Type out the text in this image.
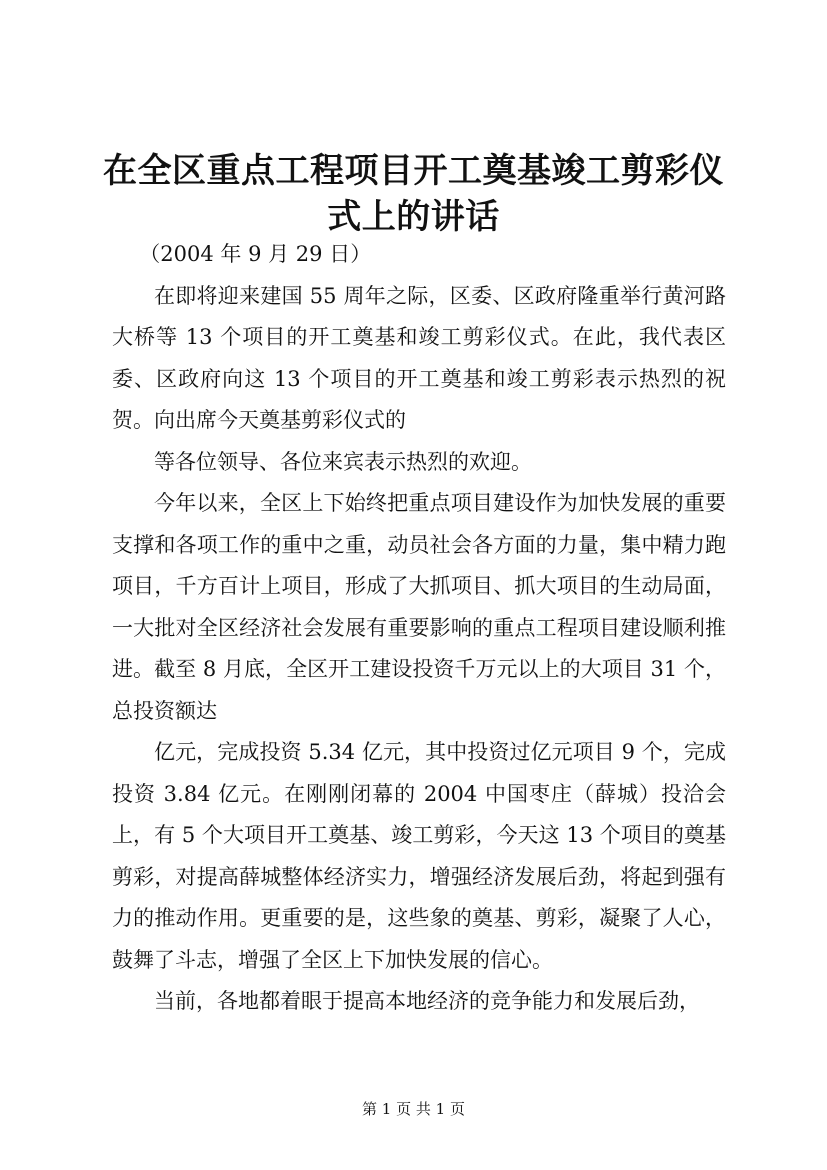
在全区重点工程项目开工奠基竣工剪彩仪式上的讲话

（2004 年 9 月 29 日）

在即将迎来建国 55 周年之际，区委、区政府隆重举行黄河路大桥等 13 个项目的开工奠基和竣工剪彩仪式。在此，我代表区委、区政府向这 13 个项目的开工奠基和竣工剪彩表示热烈的祝贺。向出席今天奠基剪彩仪式的

等各位领导、各位来宾表示热烈的欢迎。

今年以来，全区上下始终把重点项目建设作为加快发展的重要支撑和各项工作的重中之重，动员社会各方面的力量，集中精力跑项目，千方百计上项目，形成了大抓项目、抓大项目的生动局面，一大批对全区经济社会发展有重要影响的重点工程项目建设顺利推进。截至 8 月底，全区开工建设投资千万元以上的大项目 31 个，总投资额达

亿元，完成投资 5.34 亿元，其中投资过亿元项目 9 个，完成投资 3.84 亿元。在刚刚闭幕的 2004 中国枣庄（薛城）投洽会上，有 5 个大项目开工奠基、竣工剪彩，今天这 13 个项目的奠基剪彩，对提高薛城整体经济实力，增强经济发展后劲，将起到强有力的推动作用。更重要的是，这些象的奠基、剪彩，凝聚了人心，鼓舞了斗志，增强了全区上下加快发展的信心。

当前，各地都着眼于提高本地经济的竞争能力和发展后劲，

第 1 页 共 1 页
